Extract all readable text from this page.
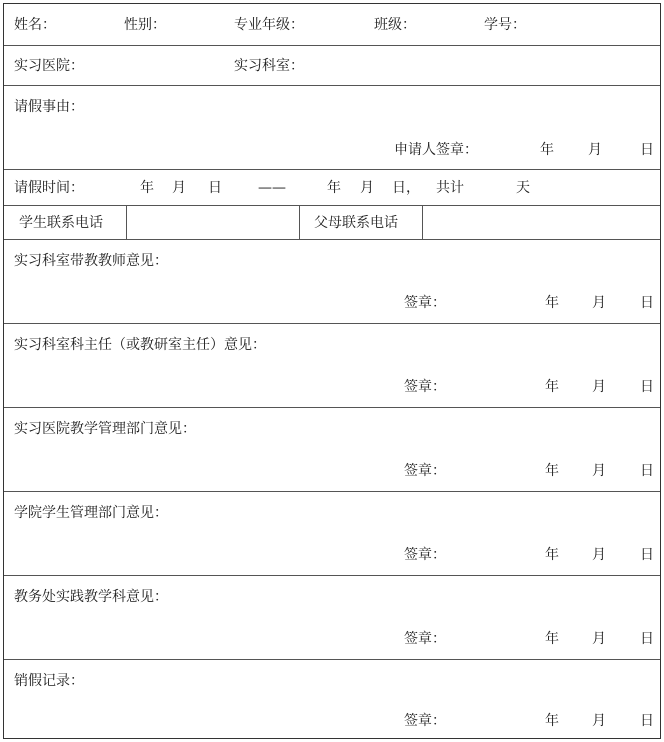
姓名：	性别：	专业年级：	班级：	学号：
实习医院：	实习科室：
请假事由：
申请人签章：	年 月	日
请假时间：	年 月 日	——	年 月 日， 共计	天
学生联系电话	父母联系电话
实习科室带教教师意见：
签章：	年 月 日
实习科室科主任（或教研室主任）意见：
签章：	年 月 日
实习医院教学管理部门意见：
签章：	年 月 日
学院学生管理部门意见：
签章：	年 月 日
教务处实践教学科意见：
签章：	年 月 日
销假记录：
签章：	年 月 日
